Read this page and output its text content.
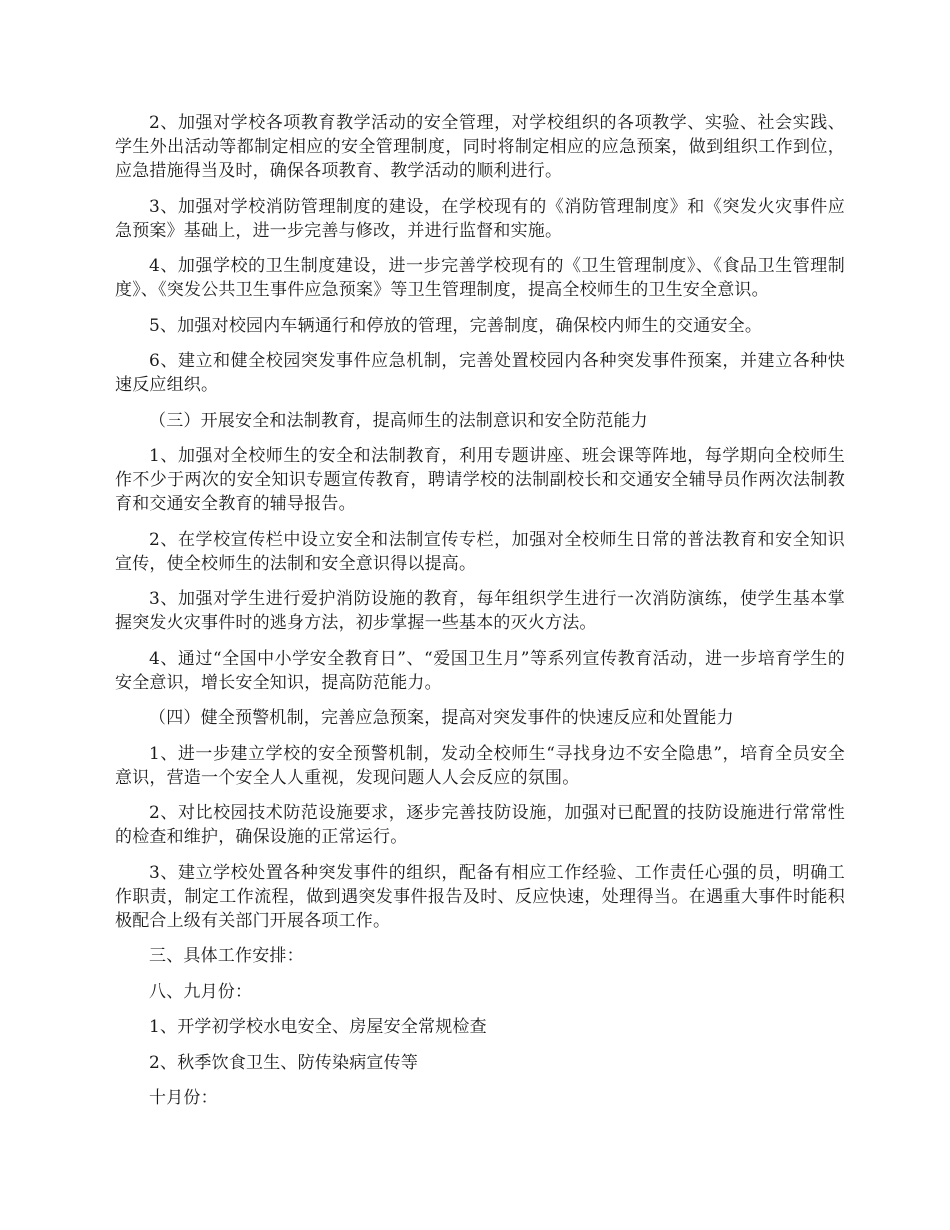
2、加强对学校各项教育教学活动的安全管理，对学校组织的各项教学、实验、社会实践、学生外出活动等都制定相应的安全管理制度，同时将制定相应的应急预案，做到组织工作到位，应急措施得当及时，确保各项教育、教学活动的顺利进行。

3、加强对学校消防管理制度的建设，在学校现有的《消防管理制度》和《突发火灾事件应急预案》基础上，进一步完善与修改，并进行监督和实施。

4、加强学校的卫生制度建设，进一步完善学校现有的《卫生管理制度》、《食品卫生管理制度》、《突发公共卫生事件应急预案》等卫生管理制度，提高全校师生的卫生安全意识。

5、加强对校园内车辆通行和停放的管理，完善制度，确保校内师生的交通安全。

6、建立和健全校园突发事件应急机制，完善处置校园内各种突发事件预案，并建立各种快速反应组织。

（三）开展安全和法制教育，提高师生的法制意识和安全防范能力

1、加强对全校师生的安全和法制教育，利用专题讲座、班会课等阵地，每学期向全校师生作不少于两次的安全知识专题宣传教育，聘请学校的法制副校长和交通安全辅导员作两次法制教育和交通安全教育的辅导报告。

2、在学校宣传栏中设立安全和法制宣传专栏，加强对全校师生日常的普法教育和安全知识宣传，使全校师生的法制和安全意识得以提高。

3、加强对学生进行爱护消防设施的教育，每年组织学生进行一次消防演练，使学生基本掌握突发火灾事件时的逃身方法，初步掌握一些基本的灭火方法。

4、通过“全国中小学安全教育日”、“爱国卫生月”等系列宣传教育活动，进一步培育学生的安全意识，增长安全知识，提高防范能力。

（四）健全预警机制，完善应急预案，提高对突发事件的快速反应和处置能力

1、进一步建立学校的安全预警机制，发动全校师生“寻找身边不安全隐患”，培育全员安全意识，营造一个安全人人重视，发现问题人人会反应的氛围。

2、对比校园技术防范设施要求，逐步完善技防设施，加强对已配置的技防设施进行常常性的检查和维护，确保设施的正常运行。

3、建立学校处置各种突发事件的组织，配备有相应工作经验、工作责任心强的员，明确工作职责，制定工作流程，做到遇突发事件报告及时、反应快速，处理得当。在遇重大事件时能积极配合上级有关部门开展各项工作。

三、具体工作安排：

八、九月份：

1、开学初学校水电安全、房屋安全常规检查

2、秋季饮食卫生、防传染病宣传等

十月份：
